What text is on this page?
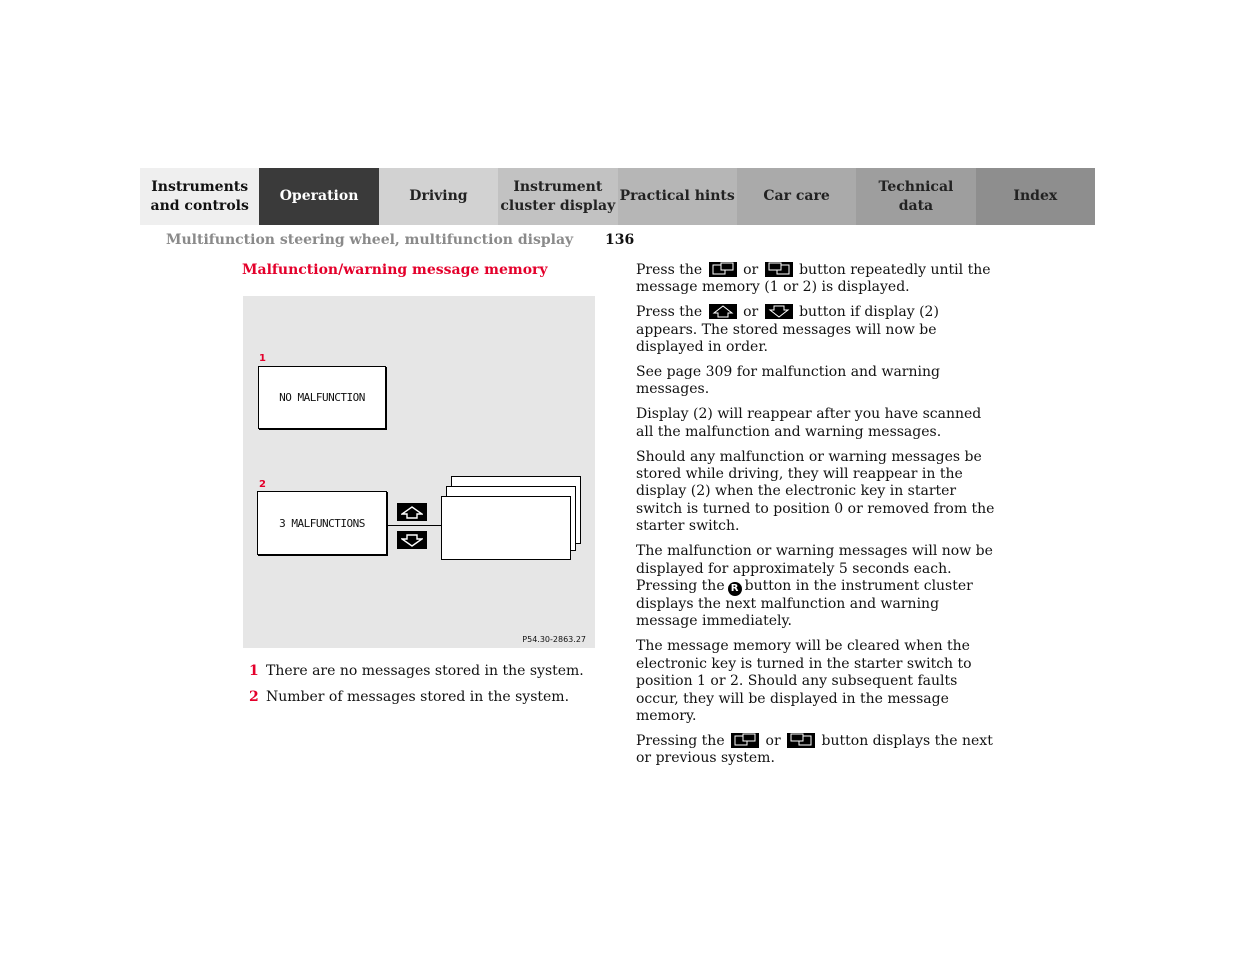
Instruments
and controls
Operation	Driving
Instrument
cluster display
Practical hints Car care
Technical
data
Index
Multifunction steering wheel, multifunction display 136
Malfunction/warning message memory
1
NO MALFUNCTION
2
3 MALFUNCTIONS
P54.30-2863.27
1 There are no messages stored in the system.
2 Number of messages stored in the system.

Press the	or	button repeatedly until the message memory (1 or 2) is displayed.

Press the	or	button if display (2) appears. The stored messages will now be displayed in order.

See page 309 for malfunction and warning messages.

Display (2) will reappear after you have scanned all the malfunction and warning messages.

Should any malfunction or warning messages be stored while driving, they will reappear in the display (2) when the electronic key in starter switch is turned to position 0 or removed from the starter switch.

The malfunction or warning messages will now be displayed for approximately 5 seconds each. Pressing the R button in the instrument cluster displays the next malfunction and warning message immediately.

The message memory will be cleared when the electronic key is turned in the starter switch to position 1 or 2. Should any subsequent faults occur, they will be displayed in the message memory.

Pressing the	or	button displays the next or previous system.
